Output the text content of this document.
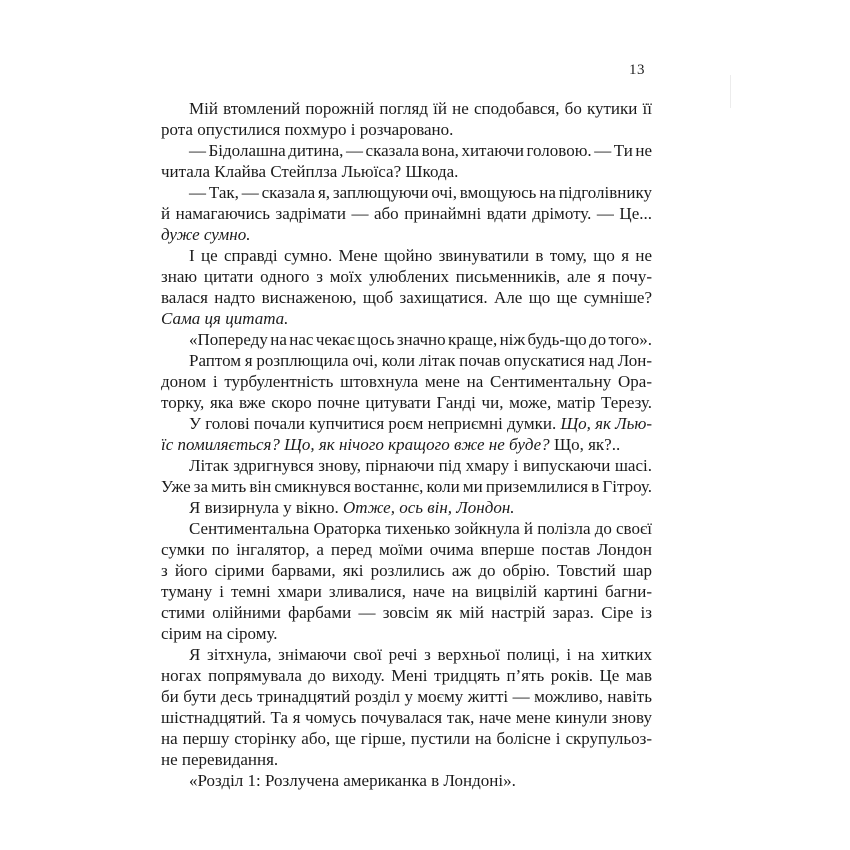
13
Мій втомлений порожній погляд їй не сподобався, бо кутики її
рота опустилися похмуро і розчаровано.
— Бідолашна дитина, — сказала вона, хитаючи головою. — Ти не
читала Клайва Стейплза Льюїса? Шкода.
— Так, — сказала я, заплющуючи очі, вмощуюсь на підголівнику
й намагаючись задрімати — або принаймні вдати дрімоту. — Це...
дуже сумно.
І це справді сумно. Мене щойно звинуватили в тому, що я не
знаю цитати одного з моїх улюблених письменників, але я почу-
валася надто виснаженою, щоб захищатися. Але що ще сумніше?
Сама ця цитата.
«Попереду на нас чекає щось значно краще, ніж будь-що до того».
Раптом я розплющила очі, коли літак почав опускатися над Лон-
доном і турбулентність штовхнула мене на Сентиментальну Ора-
торку, яка вже скоро почне цитувати Ганді чи, може, матір Терезу.
У голові почали купчитися роєм неприємні думки. Що, як Лью-
їс помиляється? Що, як нічого кращого вже не буде? Що, як?..
Літак здригнувся знову, пірнаючи під хмару і випускаючи шасі.
Уже за мить він смикнувся востаннє, коли ми приземлилися в Гітроу.
Я визирнула у вікно. Отже, ось він, Лондон.
Сентиментальна Ораторка тихенько зойкнула й полізла до своєї
сумки по інгалятор, а перед моїми очима вперше постав Лондон
з його сірими барвами, які розлились аж до обрію. Товстий шар
туману і темні хмари зливалися, наче на вицвілій картині багни-
стими олійними фарбами — зовсім як мій настрій зараз. Сіре із
сірим на сірому.
Я зітхнула, знімаючи свої речі з верхньої полиці, і на хитких
ногах попрямувала до виходу. Мені тридцять п’ять років. Це мав
би бути десь тринадцятий розділ у моєму житті — можливо, навіть
шістнадцятий. Та я чомусь почувалася так, наче мене кинули знову
на першу сторінку або, ще гірше, пустили на болісне і скрупульоз-
не перевидання.
«Розділ 1: Розлучена американка в Лондоні».
